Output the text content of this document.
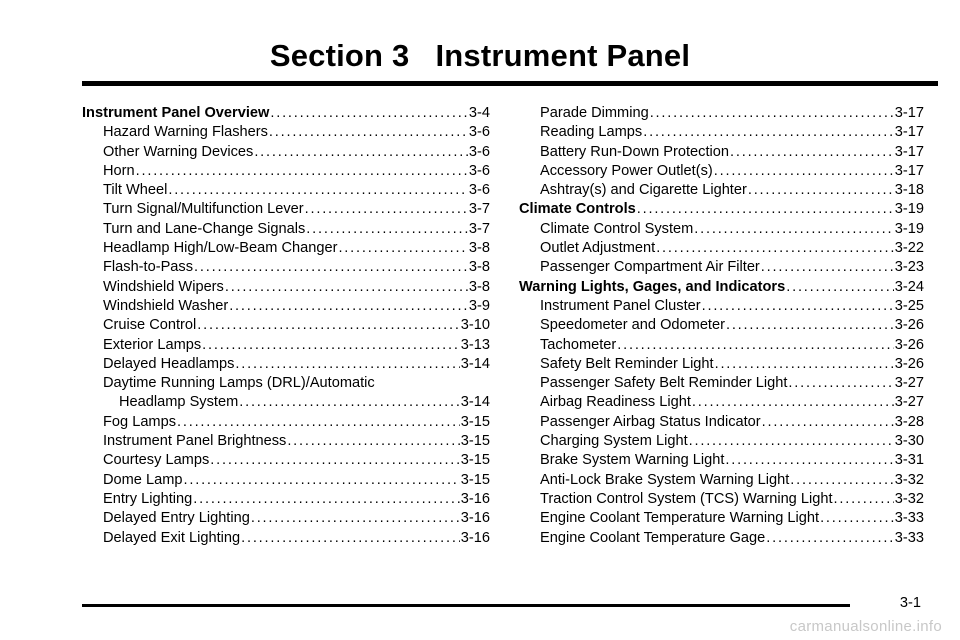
Section 3 Instrument Panel
Instrument Panel Overview .....	3-4
Hazard Warning Flashers .....	3-6
Other Warning Devices .....	3-6
Horn .....	3-6
Tilt Wheel .....	3-6
Turn Signal/Multifunction Lever .....	3-7
Turn and Lane-Change Signals .....	3-7
Headlamp High/Low-Beam Changer .....	3-8
Flash-to-Pass .....	3-8
Windshield Wipers .....	3-8
Windshield Washer .....	3-9
Cruise Control .....	3-10
Exterior Lamps .....	3-13
Delayed Headlamps .....	3-14
Daytime Running Lamps (DRL)/Automatic
Headlamp System .....	3-14
Fog Lamps .....	3-15
Instrument Panel Brightness .....	3-15
Courtesy Lamps .....	3-15
Dome Lamp .....	3-15
Entry Lighting .....	3-16
Delayed Entry Lighting .....	3-16
Delayed Exit Lighting .....	3-16
Parade Dimming .....	3-17
Reading Lamps .....	3-17
Battery Run-Down Protection .....	3-17
Accessory Power Outlet(s) .....	3-17
Ashtray(s) and Cigarette Lighter .....	3-18
Climate Controls .....	3-19
Climate Control System .....	3-19
Outlet Adjustment .....	3-22
Passenger Compartment Air Filter .....	3-23
Warning Lights, Gages, and Indicators .....	3-24
Instrument Panel Cluster .....	3-25
Speedometer and Odometer .....	3-26
Tachometer .....	3-26
Safety Belt Reminder Light .....	3-26
Passenger Safety Belt Reminder Light .....	3-27
Airbag Readiness Light .....	3-27
Passenger Airbag Status Indicator .....	3-28
Charging System Light .....	3-30
Brake System Warning Light .....	3-31
Anti-Lock Brake System Warning Light .....	3-32
Traction Control System (TCS) Warning Light .....	3-32
Engine Coolant Temperature Warning Light .....	3-33
Engine Coolant Temperature Gage .....	3-33
3-1
carmanualsonline.info
